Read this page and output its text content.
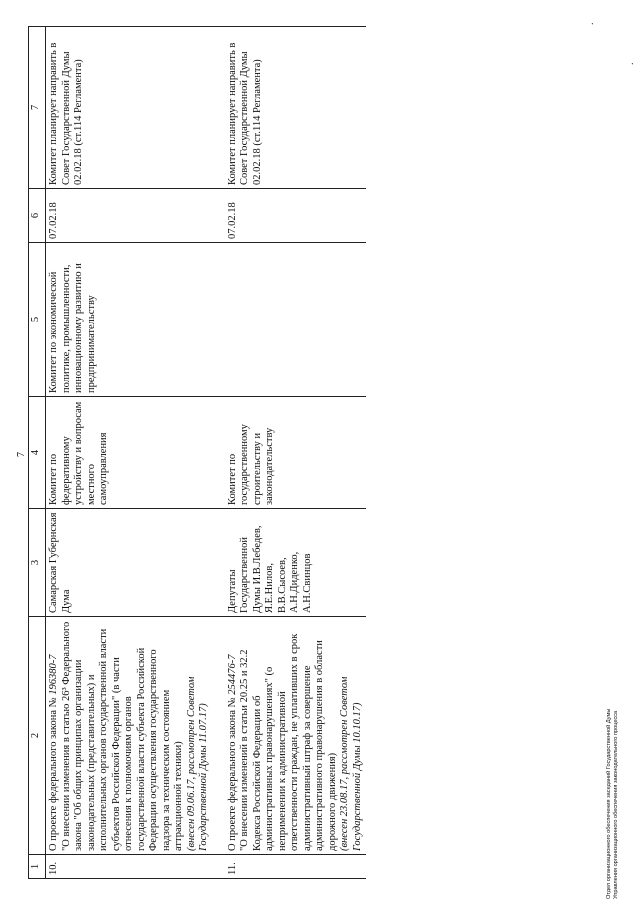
7
.
.
1	2	3	4	5	6	7
10.	О проекте федерального закона № 196380-7 "О внесении изменения в статью 26³ Федерального закона "Об общих принципах организации законодательных (представительных) и исполнительных органов государственной власти субъектов Российской Федерации" (в части отнесения к полномочиям органов государственной власти субъекта Российской Федерации осуществления государственного надзора за техническим состоянием аттракционной техники) (внесен 09.06.17, рассмотрен Советом Государственной Думы 11.07.17)	Самарская Губернская Дума	Комитет по федеративному устройству и вопросам местного самоуправления	Комитет по экономической политике, промышленности, инновационному развитию и предпринимательству	07.02.18	Комитет планирует направить в Совет Государственной Думы 02.02.18 (ст.114 Регламента)

11.	О проекте федерального закона № 254476-7 "О внесении изменений в статьи 20.25 и 32.2 Кодекса Российской Федерации об административных правонарушениях" (о неприменении к административной ответственности граждан, не уплативших в срок административный штраф за совершение административного правонарушения в области дорожного движения) (внесен 23.08.17, рассмотрен Советом Государственной Думы 10.10.17)	Депутаты Государственной Думы И.В.Лебедев, Я.Е.Нилов, В.В.Сысоев, А.Н.Диденко, А.Н.Свинцов	Комитет по государственному строительству и законодательству		07.02.18	Комитет планирует направить в Совет Государственной Думы 02.02.18 (ст.114 Регламента)
Отдел организационного обеспечения заседаний Государственной Думы Управления организационного обеспечения законодательного процесса
